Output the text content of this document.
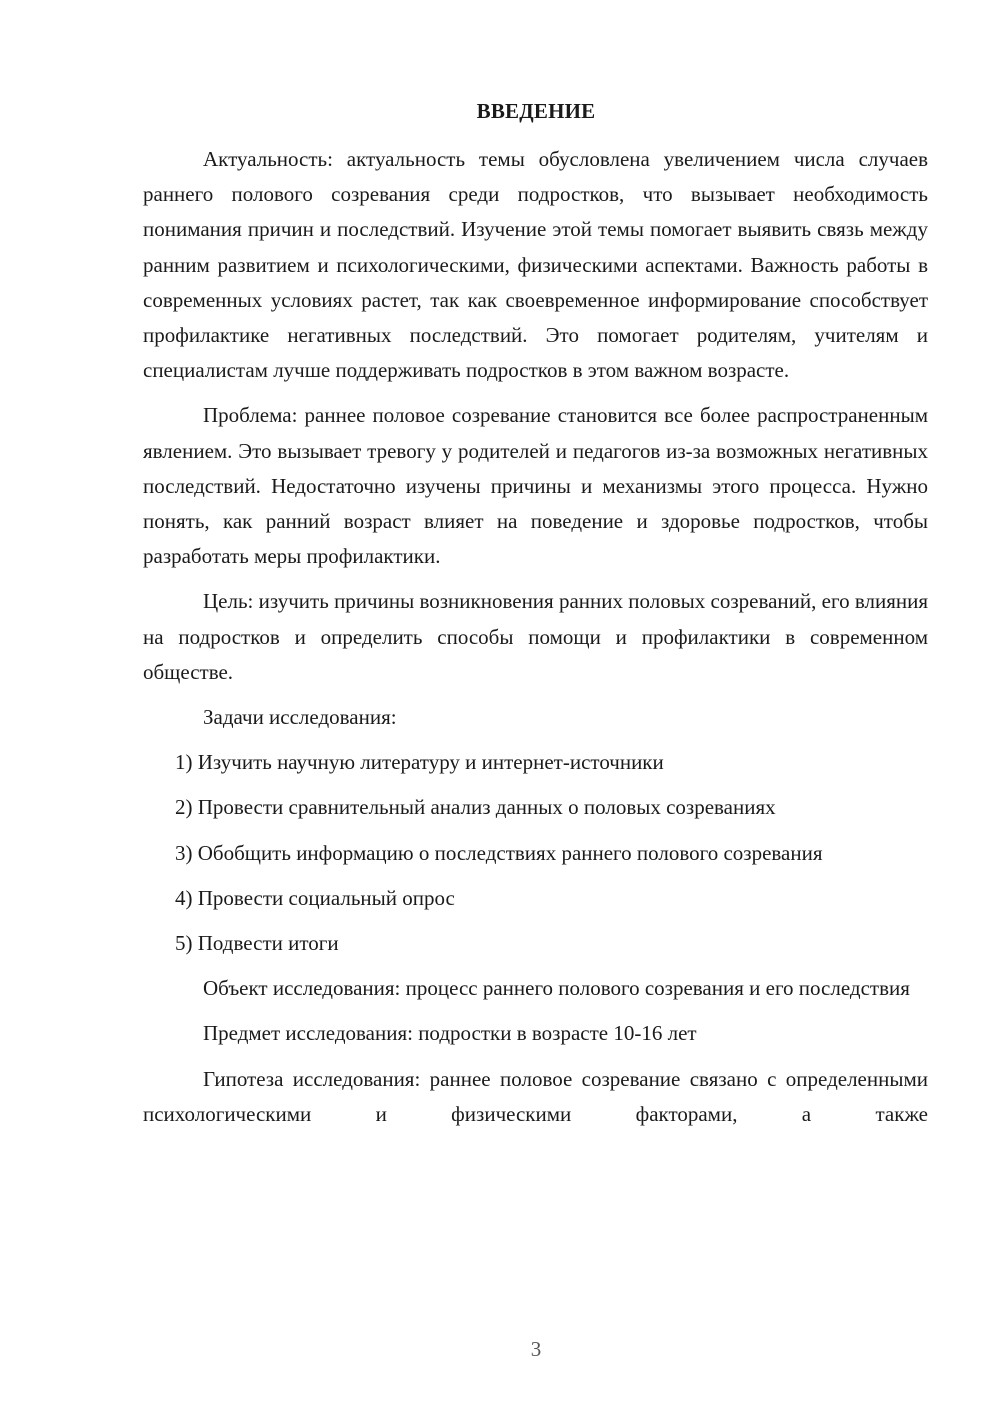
ВВЕДЕНИЕ

Актуальность: актуальность темы обусловлена увеличением числа случаев раннего полового созревания среди подростков, что вызывает необходимость понимания причин и последствий. Изучение этой темы помогает выявить связь между ранним развитием и психологическими, физическими аспектами. Важность работы в современных условиях растет, так как своевременное информирование способствует профилактике негативных последствий. Это помогает родителям, учителям и специалистам лучше поддерживать подростков в этом важном возрасте.

Проблема: раннее половое созревание становится все более распространенным явлением. Это вызывает тревогу у родителей и педагогов из-за возможных негативных последствий. Недостаточно изучены причины и механизмы этого процесса. Нужно понять, как ранний возраст влияет на поведение и здоровье подростков, чтобы разработать меры профилактики.

Цель: изучить причины возникновения ранних половых созреваний, его влияния на подростков и определить способы помощи и профилактики в современном обществе.

Задачи исследования:

1) Изучить научную литературу и интернет-источники

2) Провести сравнительный анализ данных о половых созреваниях

3) Обобщить информацию о последствиях раннего полового созревания

4) Провести социальный опрос

5) Подвести итоги

Объект исследования: процесс раннего полового созревания и его последствия

Предмет исследования: подростки в возрасте 10-16 лет

Гипотеза исследования: раннее половое созревание связано с определенными психологическими и физическими факторами, а также

3
